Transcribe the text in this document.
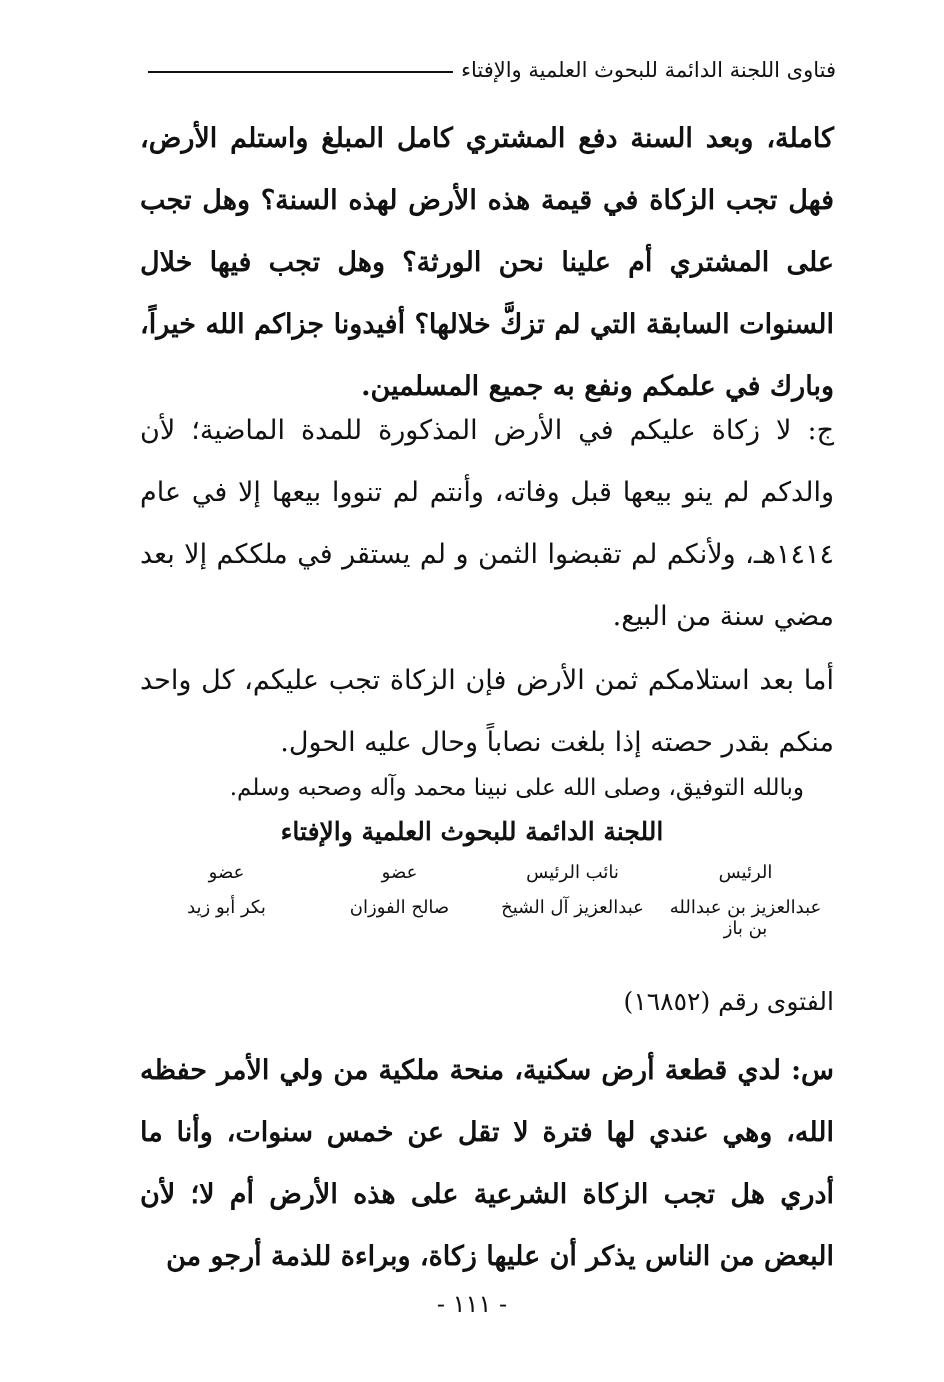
فتاوى اللجنة الدائمة للبحوث العلمية والإفتاء
كاملة، وبعد السنة دفع المشتري كامل المبلغ واستلم الأرض، فهل تجب الزكاة في قيمة هذه الأرض لهذه السنة؟ وهل تجب على المشتري أم علينا نحن الورثة؟ وهل تجب فيها خلال السنوات السابقة التي لم تزكَّ خلالها؟ أفيدونا جزاكم الله خيراً، وبارك في علمكم ونفع به جميع المسلمين.
ج: لا زكاة عليكم في الأرض المذكورة للمدة الماضية؛ لأن والدكم لم ينو بيعها قبل وفاته، وأنتم لم تنووا بيعها إلا في عام ١٤١٤هـ، ولأنكم لم تقبضوا الثمن و لم يستقر في ملككم إلا بعد مضي سنة من البيع.
أما بعد استلامكم ثمن الأرض فإن الزكاة تجب عليكم، كل واحد منكم بقدر حصته إذا بلغت نصاباً وحال عليه الحول.
وبالله التوفيق، وصلى الله على نبينا محمد وآله وصحبه وسلم.
اللجنة الدائمة للبحوث العلمية والإفتاء
الرئيس
نائب الرئيس
عضو
عضو
عبدالعزيز بن عبدالله بن باز
عبدالعزيز آل الشيخ
صالح الفوزان
بكر أبو زيد
الفتوى رقم (١٦٨٥٢)
س: لدي قطعة أرض سكنية، منحة ملكية من ولي الأمر حفظه الله، وهي عندي لها فترة لا تقل عن خمس سنوات، وأنا ما أدري هل تجب الزكاة الشرعية على هذه الأرض أم لا؛ لأن البعض من الناس يذكر أن عليها زكاة، وبراءة للذمة أرجو من
- ١١١ -
